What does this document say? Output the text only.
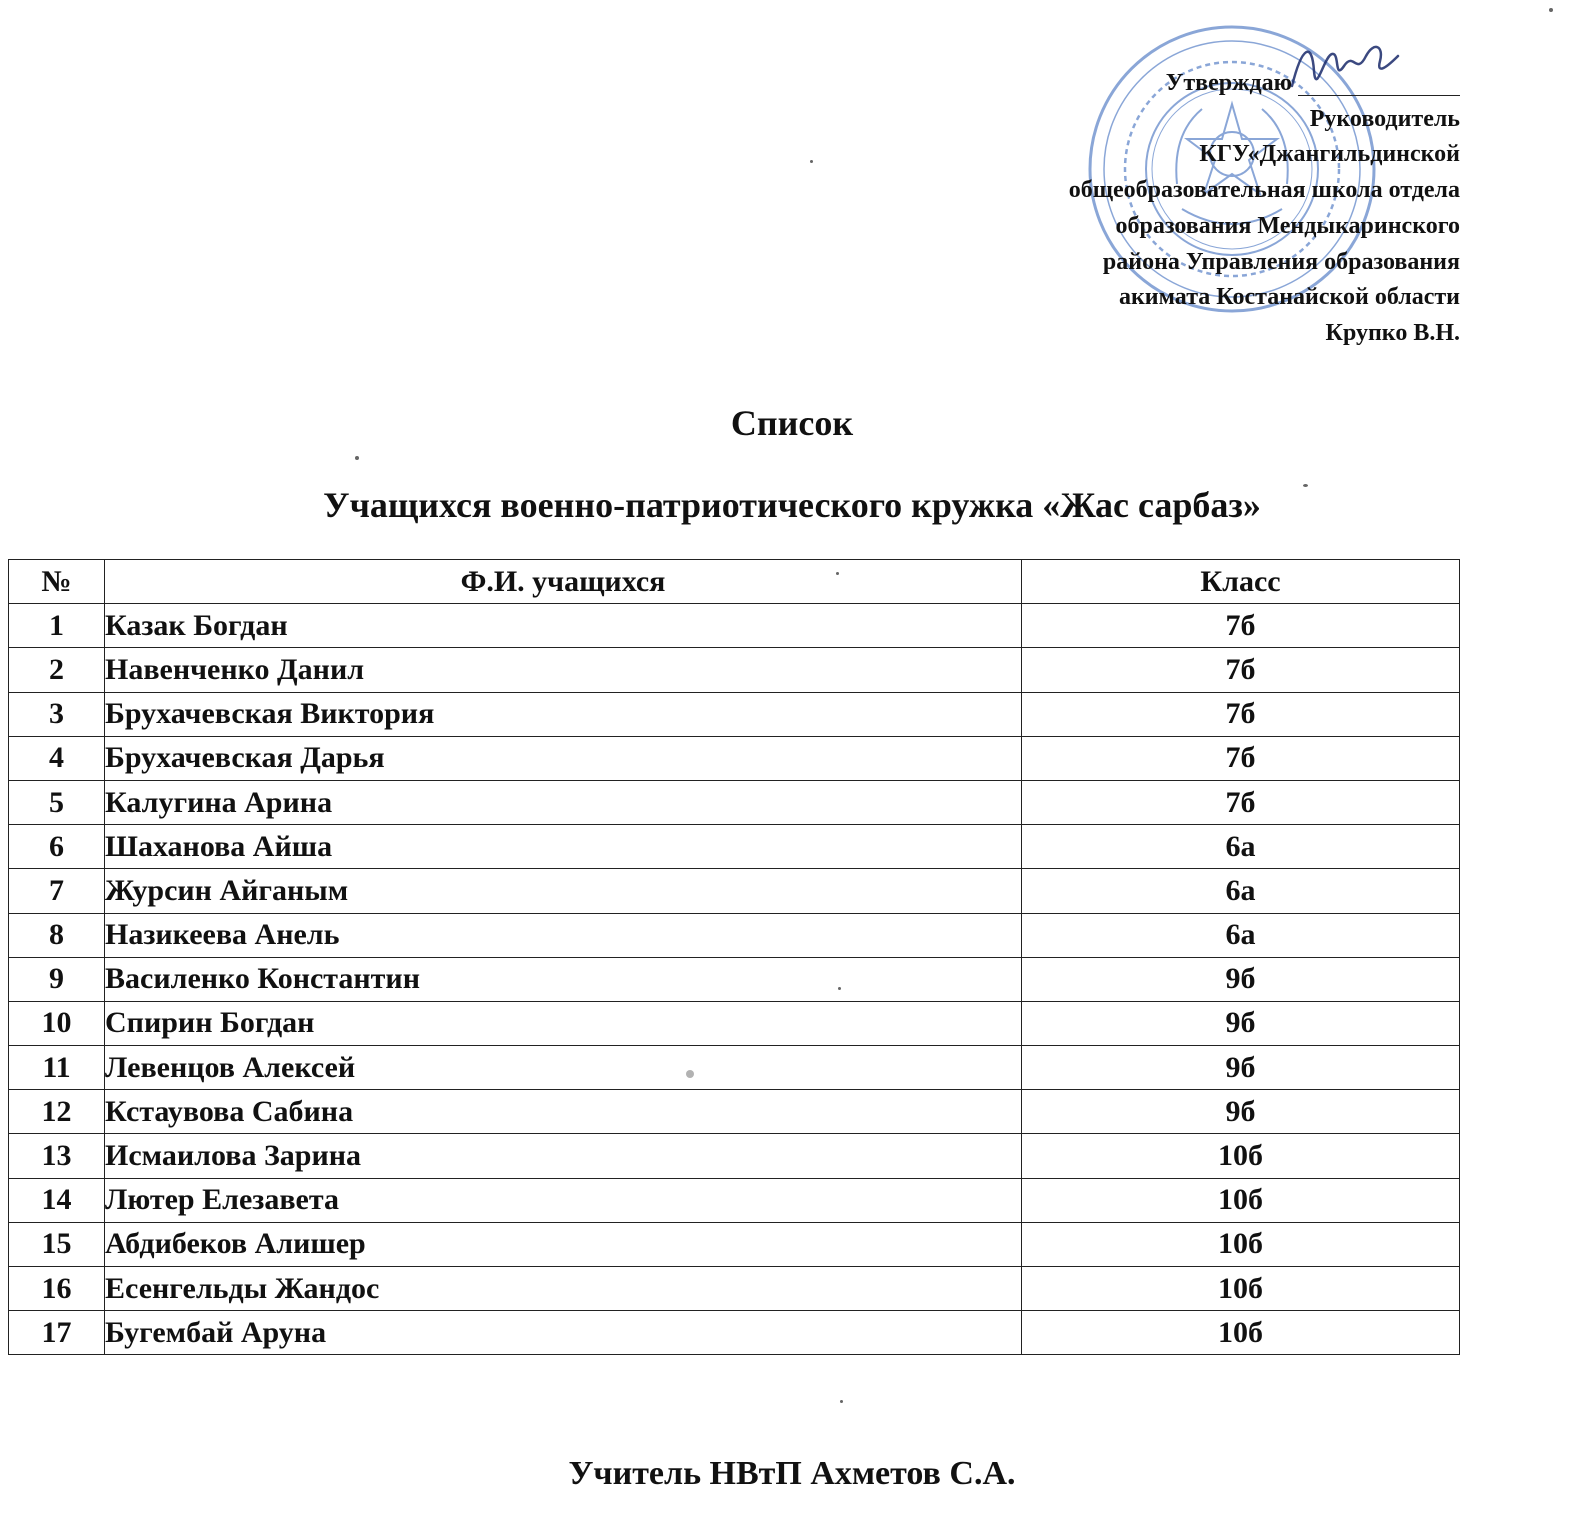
Утверждаю
Руководитель
КГУ«Джангильдинской
общеобразовательная школа отдела
образования Мендыкаринского
района Управления образования
акимата Костанайской области
Крупко В.Н.
Список
Учащихся военно-патриотического кружка «Жас сарбаз»
№	Ф.И. учащихся	Класс
1	Казак Богдан	7б
2	Навенченко Данил	7б
3	Брухачевская Виктория	7б
4	Брухачевская Дарья	7б
5	Калугина Арина	7б
6	Шаханова Айша	6а
7	Журсин Айганым	6а
8	Назикеева Анель	6а
9	Василенко Константин	9б
10	Спирин Богдан	9б
11	Левенцов Алексей	9б
12	Кстаувова Сабина	9б
13	Исмаилова Зарина	10б
14	Лютер Елезавета	10б
15	Абдибеков Алишер	10б
16	Есенгельды Жандос	10б
17	Бугембай Аруна	10б
Учитель НВтП Ахметов С.А.
